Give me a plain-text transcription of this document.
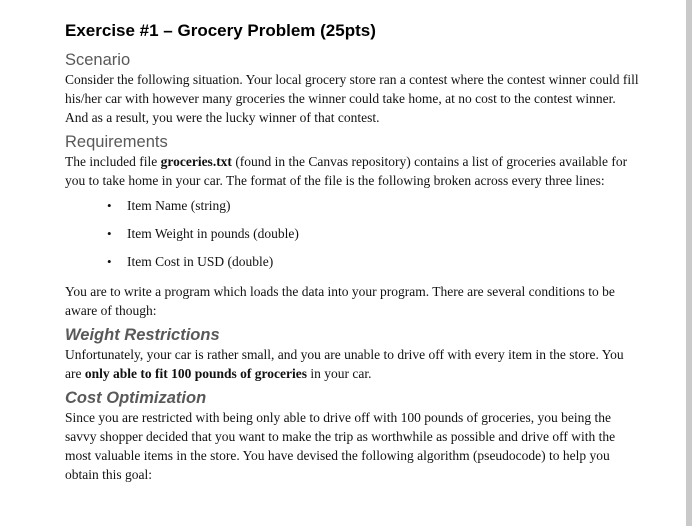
Exercise #1 – Grocery Problem (25pts)
Scenario

Consider the following situation. Your local grocery store ran a contest where the contest winner could fill his/her car with however many groceries the winner could take home, at no cost to the contest winner. And as a result, you were the lucky winner of that contest.

Requirements

The included file groceries.txt (found in the Canvas repository) contains a list of groceries available for you to take home in your car. The format of the file is the following broken across every three lines:

• Item Name (string)
• Item Weight in pounds (double)
• Item Cost in USD (double)

You are to write a program which loads the data into your program. There are several conditions to be aware of though:

Weight Restrictions

Unfortunately, your car is rather small, and you are unable to drive off with every item in the store. You are only able to fit 100 pounds of groceries in your car.

Cost Optimization

Since you are restricted with being only able to drive off with 100 pounds of groceries, you being the savvy shopper decided that you want to make the trip as worthwhile as possible and drive off with the most valuable items in the store. You have devised the following algorithm (pseudocode) to help you obtain this goal:
